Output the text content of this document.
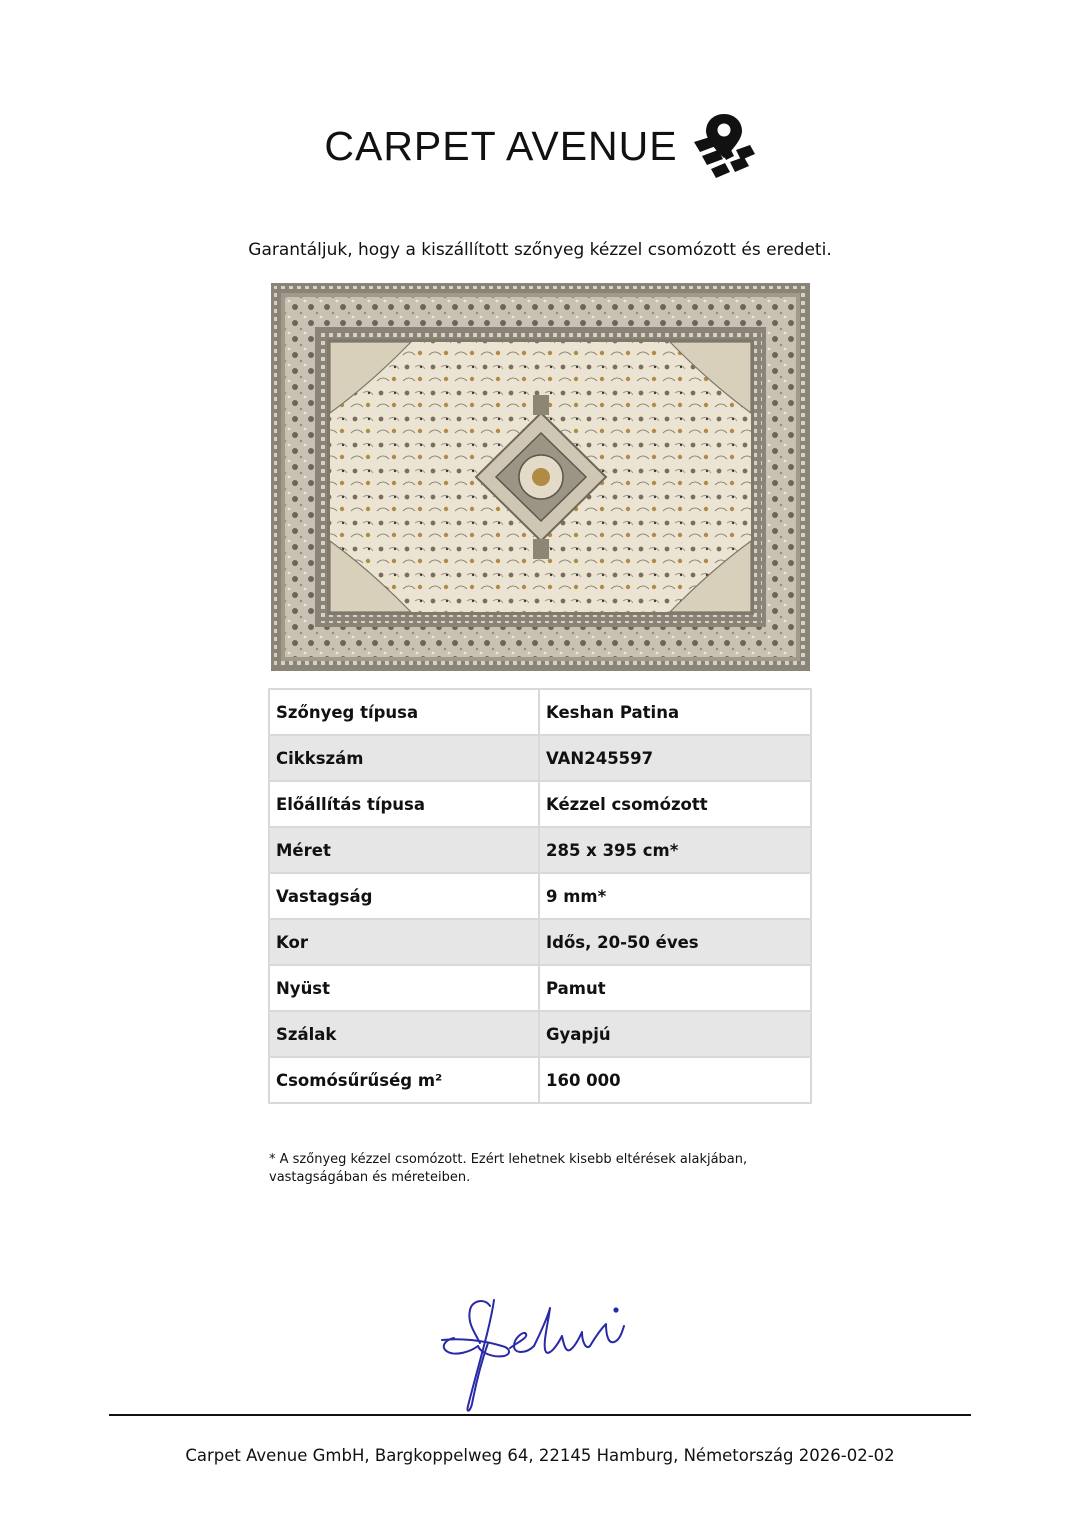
CARPET AVENUE
Garantáljuk, hogy a kiszállított szőnyeg kézzel csomózott és eredeti.
Szőnyeg típusa	Keshan Patina
Cikkszám	VAN245597
Előállítás típusa	Kézzel csomózott
Méret	285 x 395 cm*
Vastagság	9 mm*
Kor	Idős, 20-50 éves
Nyüst	Pamut
Szálak	Gyapjú
Csomósűrűség m²	160 000
* A szőnyeg kézzel csomózott. Ezért lehetnek kisebb eltérések alakjában,
vastagságában és méreteiben.
Carpet Avenue GmbH, Bargkoppelweg 64, 22145 Hamburg, Németország 2026-02-02
